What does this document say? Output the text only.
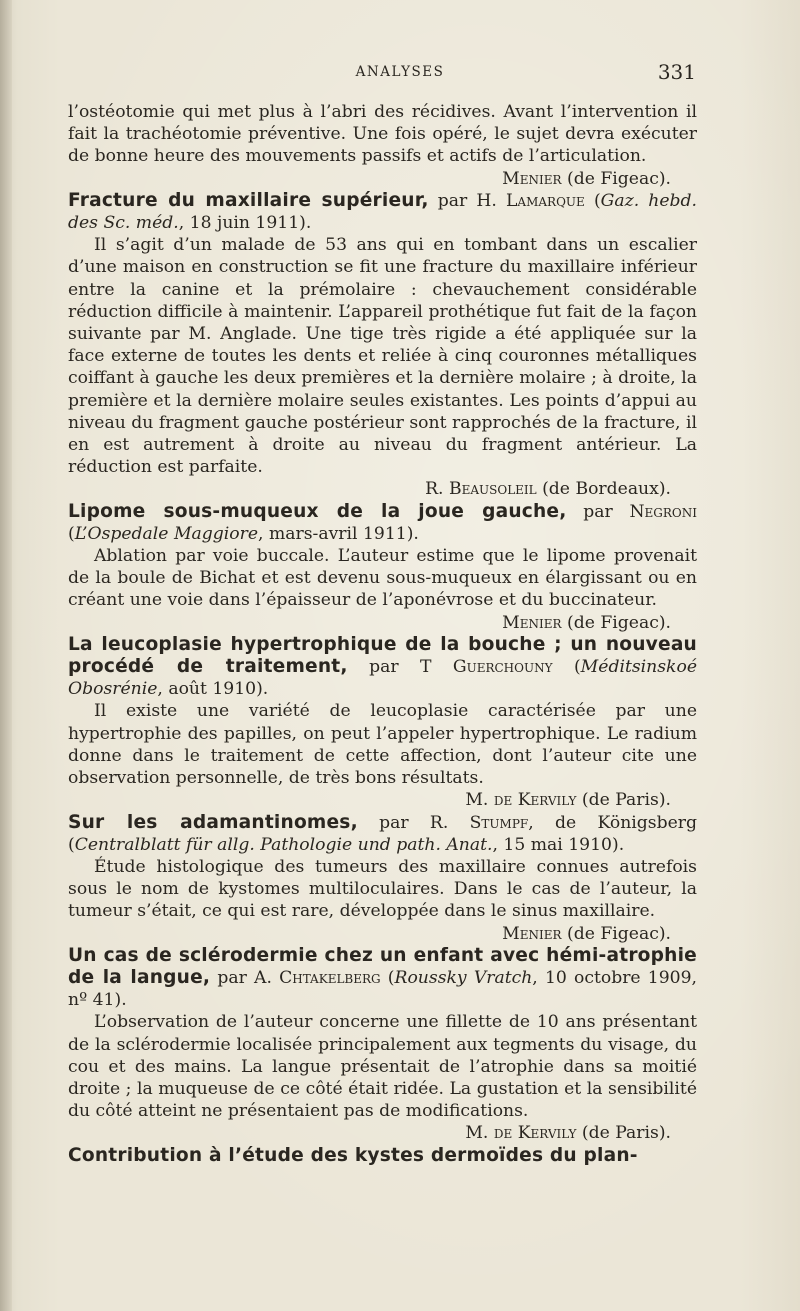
ANALYSES	331

l’ostéotomie qui met plus à l’abri des récidives. Avant l’intervention il fait la trachéotomie préventive. Une fois opéré, le sujet devra exécuter de bonne heure des mouvements passifs et actifs de l’articulation.

Menier (de Figeac).

Fracture du maxillaire supérieur, par H. Lamarque (Gaz. hebd. des Sc. méd., 18 juin 1911).

Il s’agit d’un malade de 53 ans qui en tombant dans un escalier d’une maison en construction se fit une fracture du maxillaire inférieur entre la canine et la prémolaire : chevauchement considérable réduction difficile à maintenir. L’appareil prothétique fut fait de la façon suivante par M. Anglade. Une tige très rigide a été appliquée sur la face externe de toutes les dents et reliée à cinq couronnes métalliques coiffant à gauche les deux premières et la dernière molaire ; à droite, la première et la dernière molaire seules existantes. Les points d’appui au niveau du fragment gauche postérieur sont rapprochés de la fracture, il en est autrement à droite au niveau du fragment antérieur. La réduction est parfaite.

R. Beausoleil (de Bordeaux).

Lipome sous-muqueux de la joue gauche, par Negroni (L’Ospedale Maggiore, mars-avril 1911).

Ablation par voie buccale. L’auteur estime que le lipome provenait de la boule de Bichat et est devenu sous-muqueux en élargissant ou en créant une voie dans l’épaisseur de l’aponévrose et du buccinateur.

Menier (de Figeac).

La leucoplasie hypertrophique de la bouche ; un nouveau procédé de traitement, par T Guerchouny (Méditsinskoé Obosrénie, août 1910).

Il existe une variété de leucoplasie caractérisée par une hypertrophie des papilles, on peut l’appeler hypertrophique. Le radium donne dans le traitement de cette affection, dont l’auteur cite une observation personnelle, de très bons résultats.

M. de Kervily (de Paris).

Sur les adamantinomes, par R. Stumpf, de Königsberg (Centralblatt für allg. Pathologie und path. Anat., 15 mai 1910).

Étude histologique des tumeurs des maxillaire connues autrefois sous le nom de kystomes multiloculaires. Dans le cas de l’auteur, la tumeur s’était, ce qui est rare, développée dans le sinus maxillaire.

Menier (de Figeac).

Un cas de sclérodermie chez un enfant avec hémi-atrophie de la langue, par A. Chtakelberg (Roussky Vratch, 10 octobre 1909, nº 41).

L’observation de l’auteur concerne une fillette de 10 ans présentant de la sclérodermie localisée principalement aux tegments du visage, du cou et des mains. La langue présentait de l’atrophie dans sa moitié droite ; la muqueuse de ce côté était ridée. La gustation et la sensibilité du côté atteint ne présentaient pas de modifications.

M. de Kervily (de Paris).

Contribution à l’étude des kystes dermoïdes du plan-
